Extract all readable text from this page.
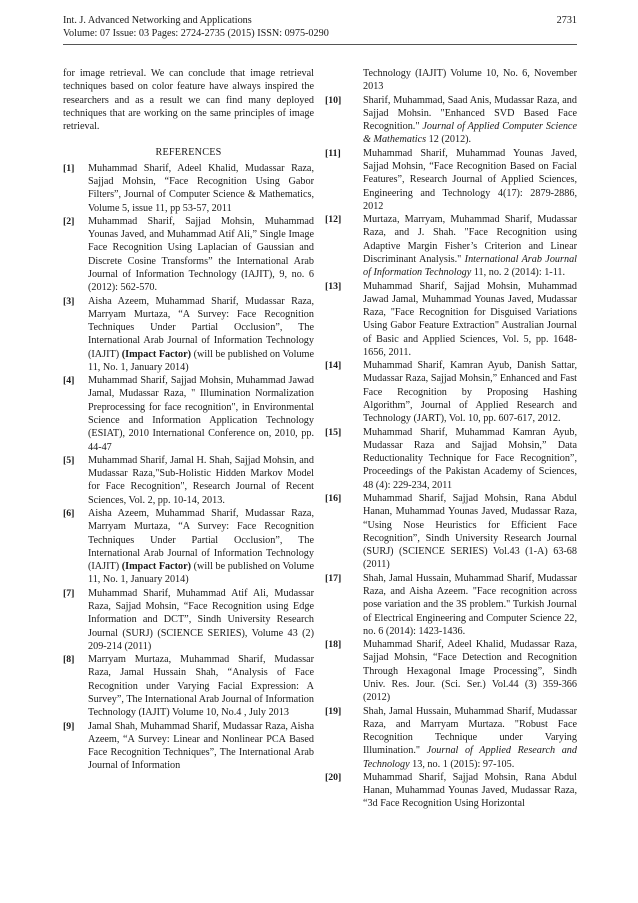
Int. J. Advanced Networking and Applications
Volume: 07 Issue: 03 Pages: 2724-2735 (2015) ISSN: 0975-0290
2731

for image retrieval. We can conclude that image retrieval techniques based on color feature have always inspired the researchers and as a result we can find many deployed techniques that are working on the same principles of image retrieval.

REFERENCES
[1]	Muhammad Sharif, Adeel Khalid, Mudassar Raza, Sajjad Mohsin, “Face Recognition Using Gabor Filters”, Journal of Computer Science & Mathematics, Volume 5, issue 11, pp 53-57, 2011
[2]	Muhammad Sharif, Sajjad Mohsin, Muhammad Younas Javed, and Muhammad Atif Ali,” Single Image Face Recognition Using Laplacian of Gaussian and Discrete Cosine Transforms” the International Arab Journal of Information Technology (IAJIT), 9, no. 6 (2012): 562-570.
[3]	Aisha Azeem, Muhammad Sharif, Mudassar Raza, Marryam Murtaza, “A Survey: Face Recognition Techniques Under Partial Occlusion”, The International Arab Journal of Information Technology (IAJIT) (Impact Factor) (will be published on Volume 11, No. 1, January 2014)
[4]	Muhammad Sharif, Sajjad Mohsin, Muhammad Jawad Jamal, Mudassar Raza, " Illumination Normalization Preprocessing for face recognition", in Environmental Science and Information Application Technology (ESIAT), 2010 International Conference on, 2010, pp. 44-47
[5]	Muhammad Sharif, Jamal H. Shah, Sajjad Mohsin, and Mudassar Raza,"Sub-Holistic Hidden Markov Model for Face Recognition", Research Journal of Recent Sciences, Vol. 2, pp. 10-14, 2013.
[6]	Aisha Azeem, Muhammad Sharif, Mudassar Raza, Marryam Murtaza, “A Survey: Face Recognition Techniques Under Partial Occlusion”, The International Arab Journal of Information Technology (IAJIT) (Impact Factor) (will be published on Volume 11, No. 1, January 2014)
[7]	Muhammad Sharif, Muhammad Atif Ali, Mudassar Raza, Sajjad Mohsin, “Face Recognition using Edge Information and DCT”, Sindh University Research Journal (SURJ) (SCIENCE SERIES), Volume 43 (2) 209-214 (2011)
[8]	Marryam Murtaza, Muhammad Sharif, Mudassar Raza, Jamal Hussain Shah, “Analysis of Face Recognition under Varying Facial Expression: A Survey”, The International Arab Journal of Information Technology (IAJIT) Volume 10, No.4 , July 2013
[9]	Jamal Shah, Muhammad Sharif, Mudassar Raza, Aisha Azeem, “A Survey: Linear and Nonlinear PCA Based Face Recognition Techniques”, The International Arab Journal of Information
Technology (IAJIT) Volume 10, No. 6, November 2013
[10]	Sharif, Muhammad, Saad Anis, Mudassar Raza, and Sajjad Mohsin. "Enhanced SVD Based Face Recognition." Journal of Applied Computer Science & Mathematics 12 (2012).
[11]	Muhammad Sharif, Muhammad Younas Javed, Sajjad Mohsin, “Face Recognition Based on Facial Features”, Research Journal of Applied Sciences, Engineering and Technology 4(17): 2879-2886, 2012
[12]	Murtaza, Marryam, Muhammad Sharif, Mudassar Raza, and J. Shah. "Face Recognition using Adaptive Margin Fisher’s Criterion and Linear Discriminant Analysis." International Arab Journal of Information Technology 11, no. 2 (2014): 1-11.
[13]	Muhammad Sharif, Sajjad Mohsin, Muhammad Jawad Jamal, Muhammad Younas Javed, Mudassar Raza, "Face Recognition for Disguised Variations Using Gabor Feature Extraction" Australian Journal of Basic and Applied Sciences, Vol. 5, pp. 1648-1656, 2011.
[14]	Muhammad Sharif, Kamran Ayub, Danish Sattar, Mudassar Raza, Sajjad Mohsin,” Enhanced and Fast Face Recognition by Proposing Hashing Algorithm”, Journal of Applied Research and Technology (JART), Vol. 10, pp. 607-617, 2012.
[15]	Muhammad Sharif, Muhammad Kamran Ayub, Mudassar Raza and Sajjad Mohsin,” Data Reductionality Technique for Face Recognition”, Proceedings of the Pakistan Academy of Sciences, 48 (4): 229-234, 2011
[16]	Muhammad Sharif, Sajjad Mohsin, Rana Abdul Hanan, Muhammad Younas Javed, Mudassar Raza, “Using Nose Heuristics for Efficient Face Recognition”, Sindh University Research Journal (SURJ) (SCIENCE SERIES) Vol.43 (1-A) 63-68 (2011)
[17]	Shah, Jamal Hussain, Muhammad Sharif, Mudassar Raza, and Aisha Azeem. "Face recognition across pose variation and the 3S problem." Turkish Journal of Electrical Engineering and Computer Science 22, no. 6 (2014): 1423-1436.
[18]	Muhammad Sharif, Adeel Khalid, Mudassar Raza, Sajjad Mohsin, “Face Detection and Recognition Through Hexagonal Image Processing”, Sindh Univ. Res. Jour. (Sci. Ser.) Vol.44 (3) 359-366 (2012)
[19]	Shah, Jamal Hussain, Muhammad Sharif, Mudassar Raza, and Marryam Murtaza. "Robust Face Recognition Technique under Varying Illumination." Journal of Applied Research and Technology 13, no. 1 (2015): 97-105.
[20]	Muhammad Sharif, Sajjad Mohsin, Rana Abdul Hanan, Muhammad Younas Javed, Mudassar Raza, “3d Face Recognition Using Horizontal
